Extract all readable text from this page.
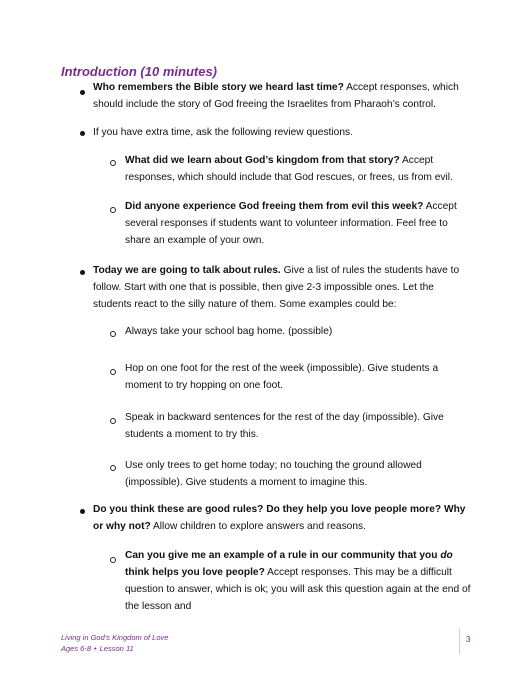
Introduction (10 minutes)
Who remembers the Bible story we heard last time? Accept responses, which should include the story of God freeing the Israelites from Pharaoh’s control.
If you have extra time, ask the following review questions.
What did we learn about God’s kingdom from that story? Accept responses, which should include that God rescues, or frees, us from evil.
Did anyone experience God freeing them from evil this week? Accept several responses if students want to volunteer information. Feel free to share an example of your own.
Today we are going to talk about rules. Give a list of rules the students have to follow. Start with one that is possible, then give 2-3 impossible ones. Let the students react to the silly nature of them. Some examples could be:
Always take your school bag home. (possible)
Hop on one foot for the rest of the week (impossible). Give students a moment to try hopping on one foot.
Speak in backward sentences for the rest of the day (impossible). Give students a moment to try this.
Use only trees to get home today; no touching the ground allowed (impossible). Give students a moment to imagine this.
Do you think these are good rules? Do they help you love people more? Why or why not? Allow children to explore answers and reasons.
Can you give me an example of a rule in our community that you do think helps you love people? Accept responses. This may be a difficult question to answer, which is ok; you will ask this question again at the end of the lesson and
Living in God’s Kingdom of Love
Ages 6-8 • Lesson 11
3
